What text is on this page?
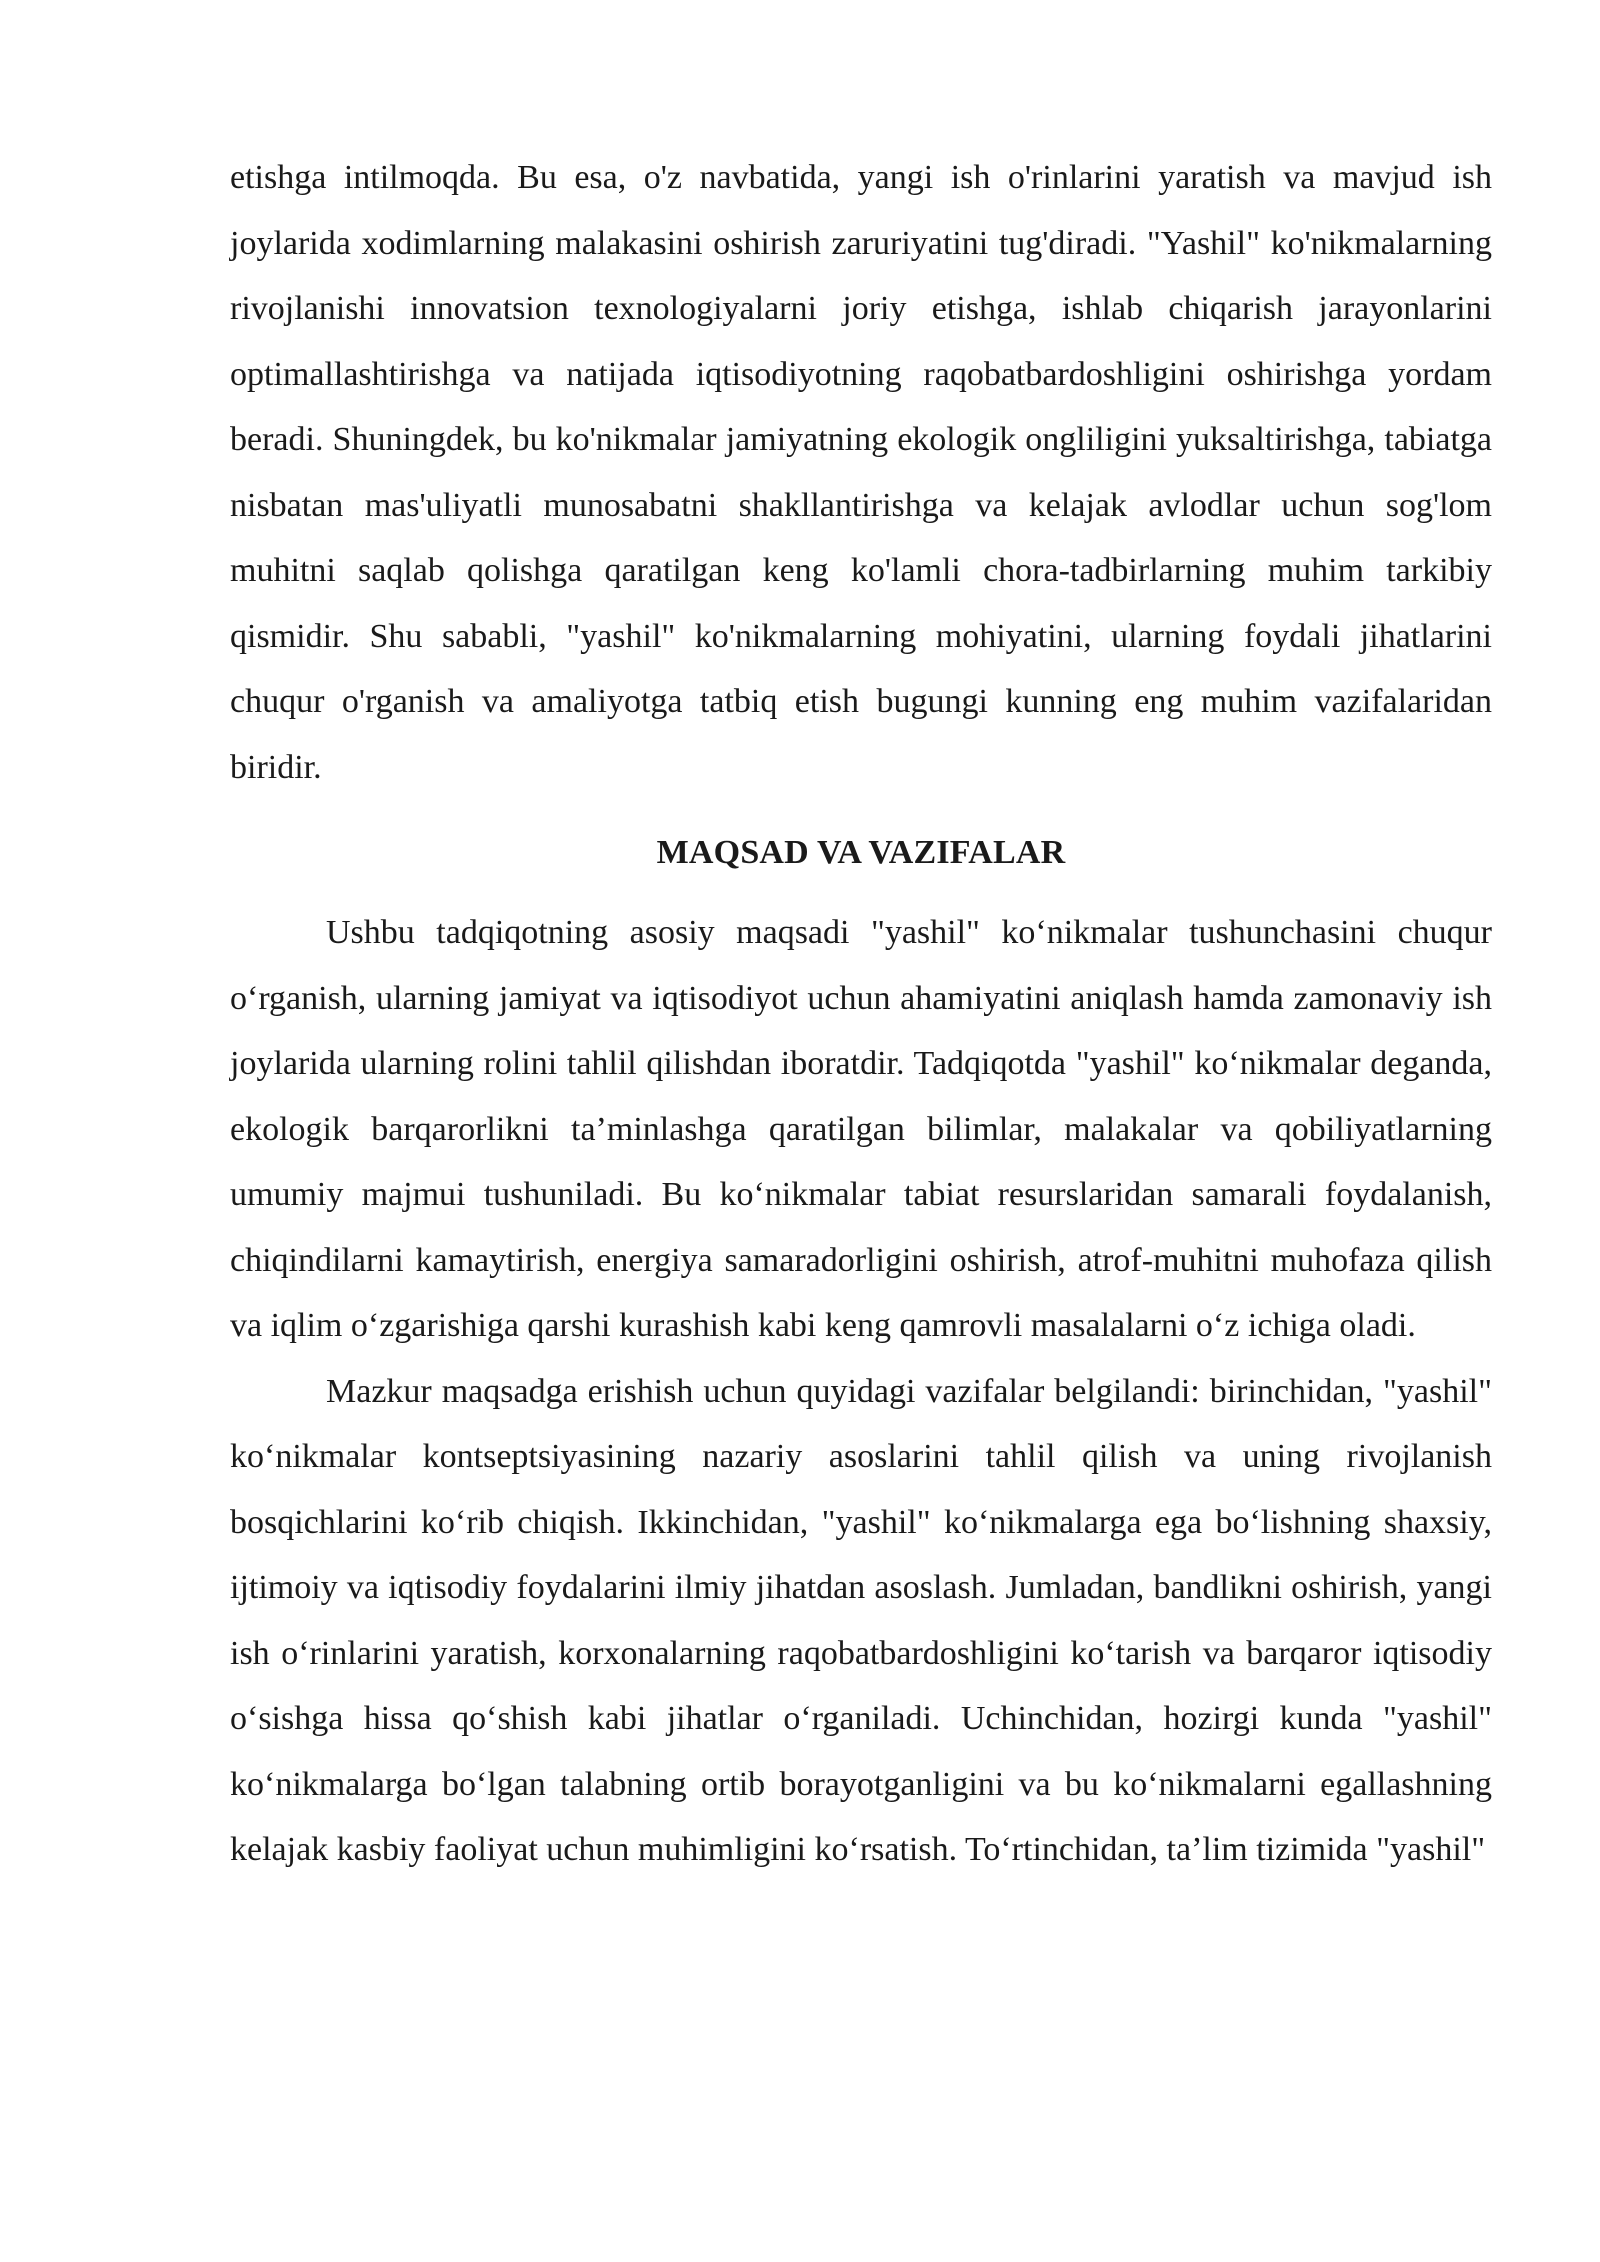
etishga intilmoqda. Bu esa, o'z navbatida, yangi ish o'rinlarini yaratish va mavjud ish joylarida xodimlarning malakasini oshirish zaruriyatini tug'diradi. "Yashil" ko'nikmalarning rivojlanishi innovatsion texnologiyalarni joriy etishga, ishlab chiqarish jarayonlarini optimallashtirishga va natijada iqtisodiyotning raqobatbardoshligini oshirishga yordam beradi. Shuningdek, bu ko'nikmalar jamiyatning ekologik ongliligini yuksaltirishga, tabiatga nisbatan mas'uliyatli munosabatni shakllantirishga va kelajak avlodlar uchun sog'lom muhitni saqlab qolishga qaratilgan keng ko'lamli chora-tadbirlarning muhim tarkibiy qismidir. Shu sababli, "yashil" ko'nikmalarning mohiyatini, ularning foydali jihatlarini chuqur o'rganish va amaliyotga tatbiq etish bugungi kunning eng muhim vazifalaridan biridir.

MAQSAD VA VAZIFALAR

Ushbu tadqiqotning asosiy maqsadi "yashil" ko‘nikmalar tushunchasini chuqur o‘rganish, ularning jamiyat va iqtisodiyot uchun ahamiyatini aniqlash hamda zamonaviy ish joylarida ularning rolini tahlil qilishdan iboratdir. Tadqiqotda "yashil" ko‘nikmalar deganda, ekologik barqarorlikni ta’minlashga qaratilgan bilimlar, malakalar va qobiliyatlarning umumiy majmui tushuniladi. Bu ko‘nikmalar tabiat resurslaridan samarali foydalanish, chiqindilarni kamaytirish, energiya samaradorligini oshirish, atrof-muhitni muhofaza qilish va iqlim o‘zgarishiga qarshi kurashish kabi keng qamrovli masalalarni o‘z ichiga oladi.

Mazkur maqsadga erishish uchun quyidagi vazifalar belgilandi: birinchidan, "yashil" ko‘nikmalar kontseptsiyasining nazariy asoslarini tahlil qilish va uning rivojlanish bosqichlarini ko‘rib chiqish. Ikkinchidan, "yashil" ko‘nikmalarga ega bo‘lishning shaxsiy, ijtimoiy va iqtisodiy foydalarini ilmiy jihatdan asoslash. Jumladan, bandlikni oshirish, yangi ish o‘rinlarini yaratish, korxonalarning raqobatbardoshligini ko‘tarish va barqaror iqtisodiy o‘sishga hissa qo‘shish kabi jihatlar o‘rganiladi. Uchinchidan, hozirgi kunda "yashil" ko‘nikmalarga bo‘lgan talabning ortib borayotganligini va bu ko‘nikmalarni egallashning kelajak kasbiy faoliyat uchun muhimligini ko‘rsatish. To‘rtinchidan, ta’lim tizimida "yashil"
